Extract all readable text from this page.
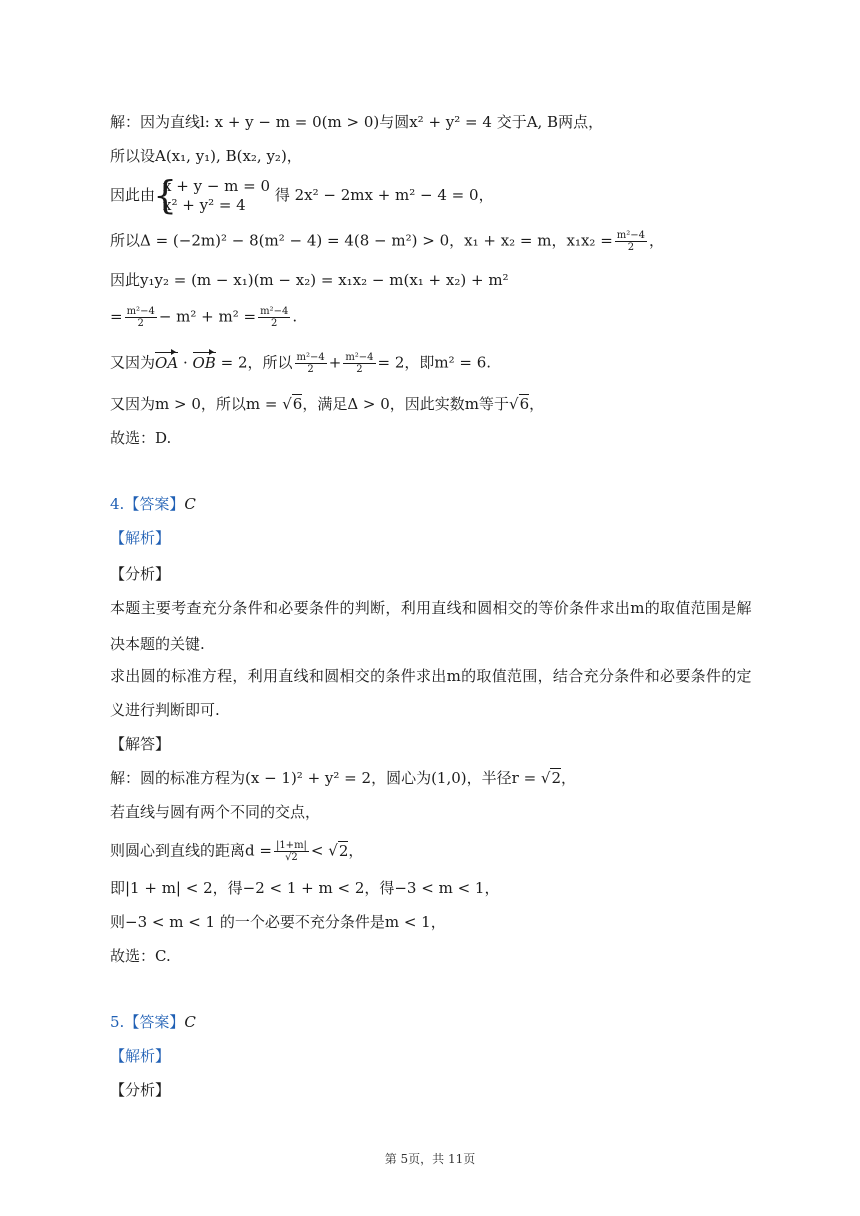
解：因为直线l: x + y − m = 0(m > 0)与圆x² + y² = 4 交于A, B两点，
所以设A(x₁, y₁), B(x₂, y₂)，
因此由
{ x + y − m = 0
x² + y² = 4
得 2x² − 2mx + m² − 4 = 0，
所以Δ = (−2m)² − 8(m² − 4) = 4(8 − m²) > 0，x₁ + x₂ = m，$x_1x_2 = \frac{\text{m²−4}}{2}$ ，
因此y₁y₂ = (m − x₁)(m − x₂) = x₁x₂ − m(x₁ + x₂) + m²
= $\frac{\text{m²−4}}{2} - m^2 + m^2 = \frac{\text{m²−4}}{2}$ .
又因为OA · OB = 2，所以 $\frac{\text{m²−4}}{2} + \frac{\text{m²−4}}{2} = 2$，即m² = 6.
又因为m > 0，所以m = √6，满足Δ > 0，因此实数m等于√6，
故选：D.
4.【答案】C
【解析】
【分析】
本题主要考查充分条件和必要条件的判断，利用直线和圆相交的等价条件求出m的取值范围是解
决本题的关键.
求出圆的标准方程，利用直线和圆相交的条件求出m的取值范围，结合充分条件和必要条件的定
义进行判断即可.
【解答】
解：圆的标准方程为(x − 1)² + y² = 2，圆心为(1,0)，半径r = √2，
若直线与圆有两个不同的交点，
则圆心到直线的距离$d = \frac{|1+m|}{√2} < √2$，
即|1 + m| < 2，得−2 < 1 + m < 2，得−3 < m < 1，
则−3 < m < 1 的一个必要不充分条件是m < 1，
故选：C.
5.【答案】C
【解析】
【分析】
第 5页，共 11页
